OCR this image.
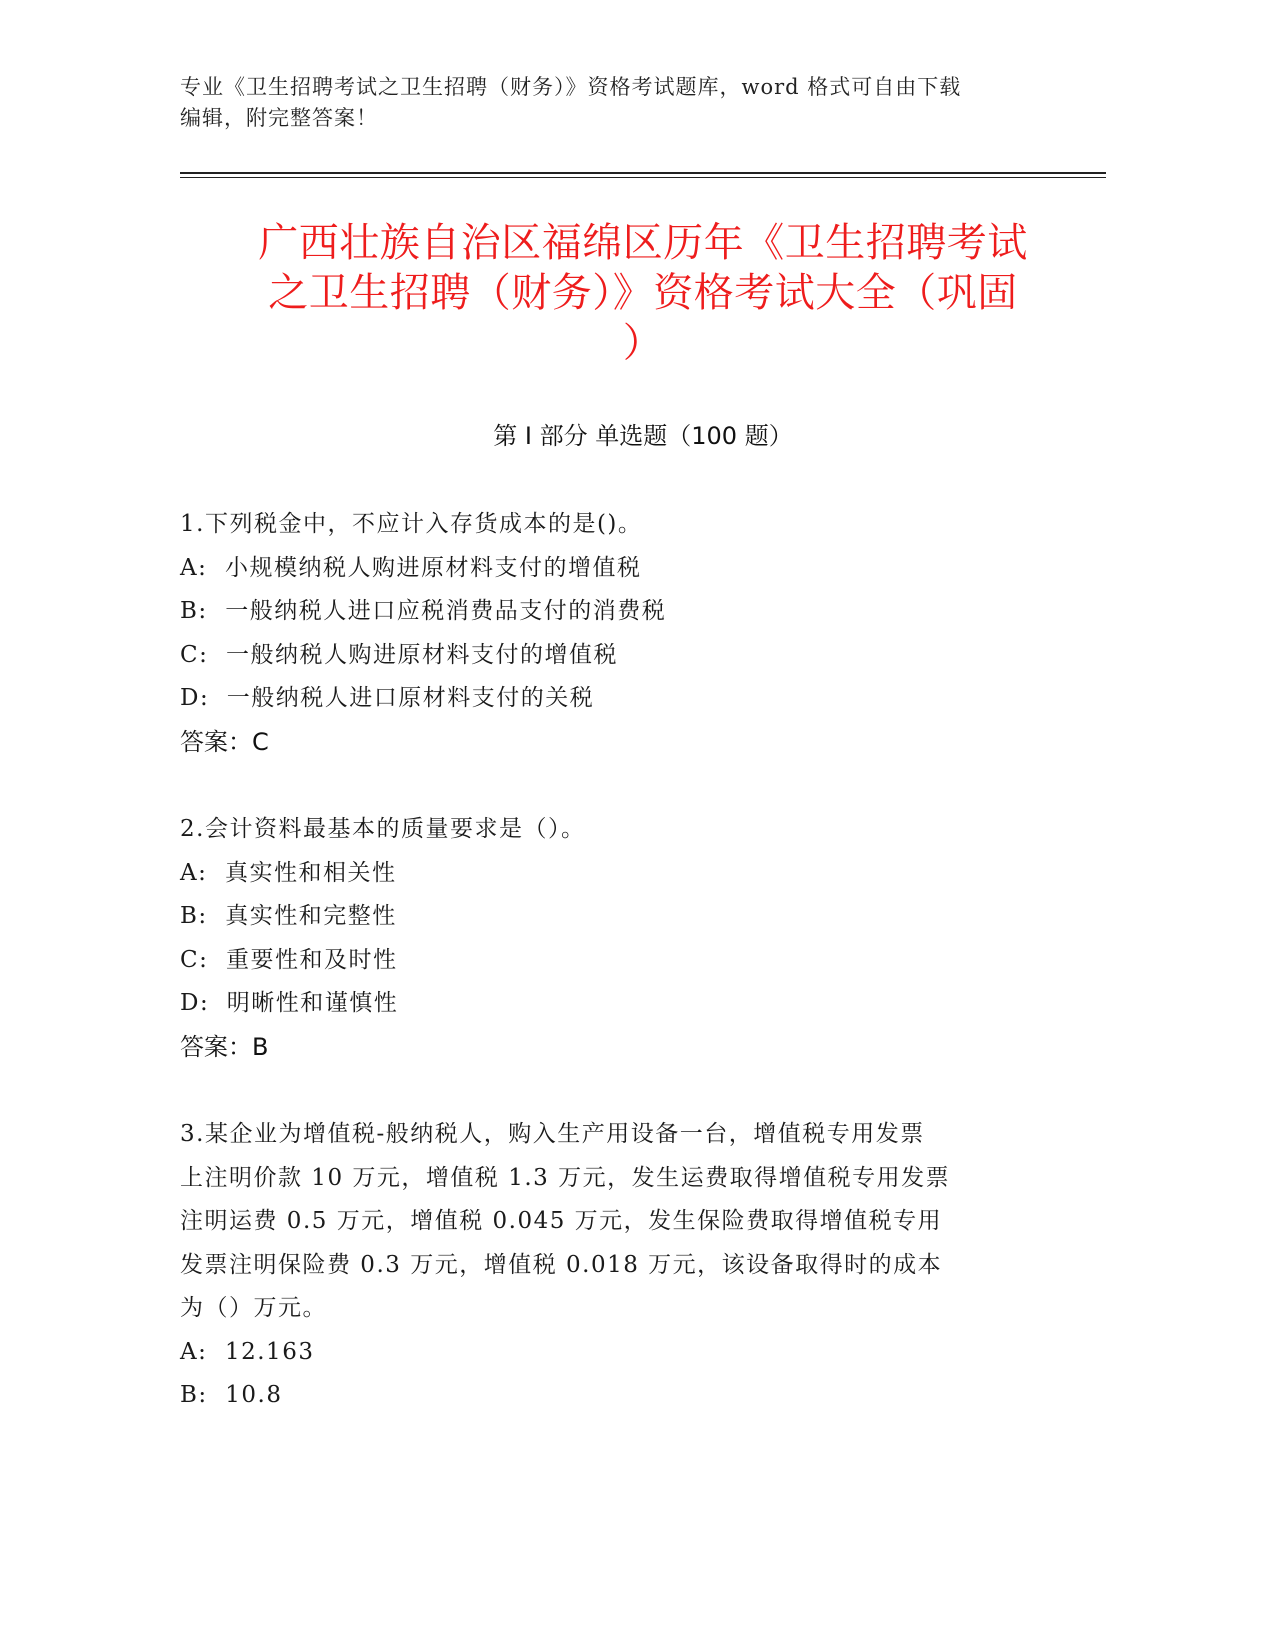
专业《卫生招聘考试之卫生招聘（财务）》资格考试题库，word 格式可自由下载
编辑，附完整答案！
广西壮族自治区福绵区历年《卫生招聘考试
之卫生招聘（财务）》资格考试大全（巩固
）
第 I 部分 单选题（100 题）

1.下列税金中，不应计入存货成本的是()。

A:  小规模纳税人购进原材料支付的增值税

B:  一般纳税人进口应税消费品支付的消费税

C:  一般纳税人购进原材料支付的增值税

D:  一般纳税人进口原材料支付的关税

答案：C

2.会计资料最基本的质量要求是（）。

A:  真实性和相关性

B:  真实性和完整性

C:  重要性和及时性

D:  明晰性和谨慎性

答案：B

3.某企业为增值税-般纳税人，购入生产用设备一台，增值税专用发票

上注明价款 10 万元，增值税 1.3 万元，发生运费取得增值税专用发票

注明运费 0.5 万元，增值税 0.045 万元，发生保险费取得增值税专用

发票注明保险费 0.3 万元，增值税 0.018 万元，该设备取得时的成本

为（）万元。

A:  12.163

B:  10.8
